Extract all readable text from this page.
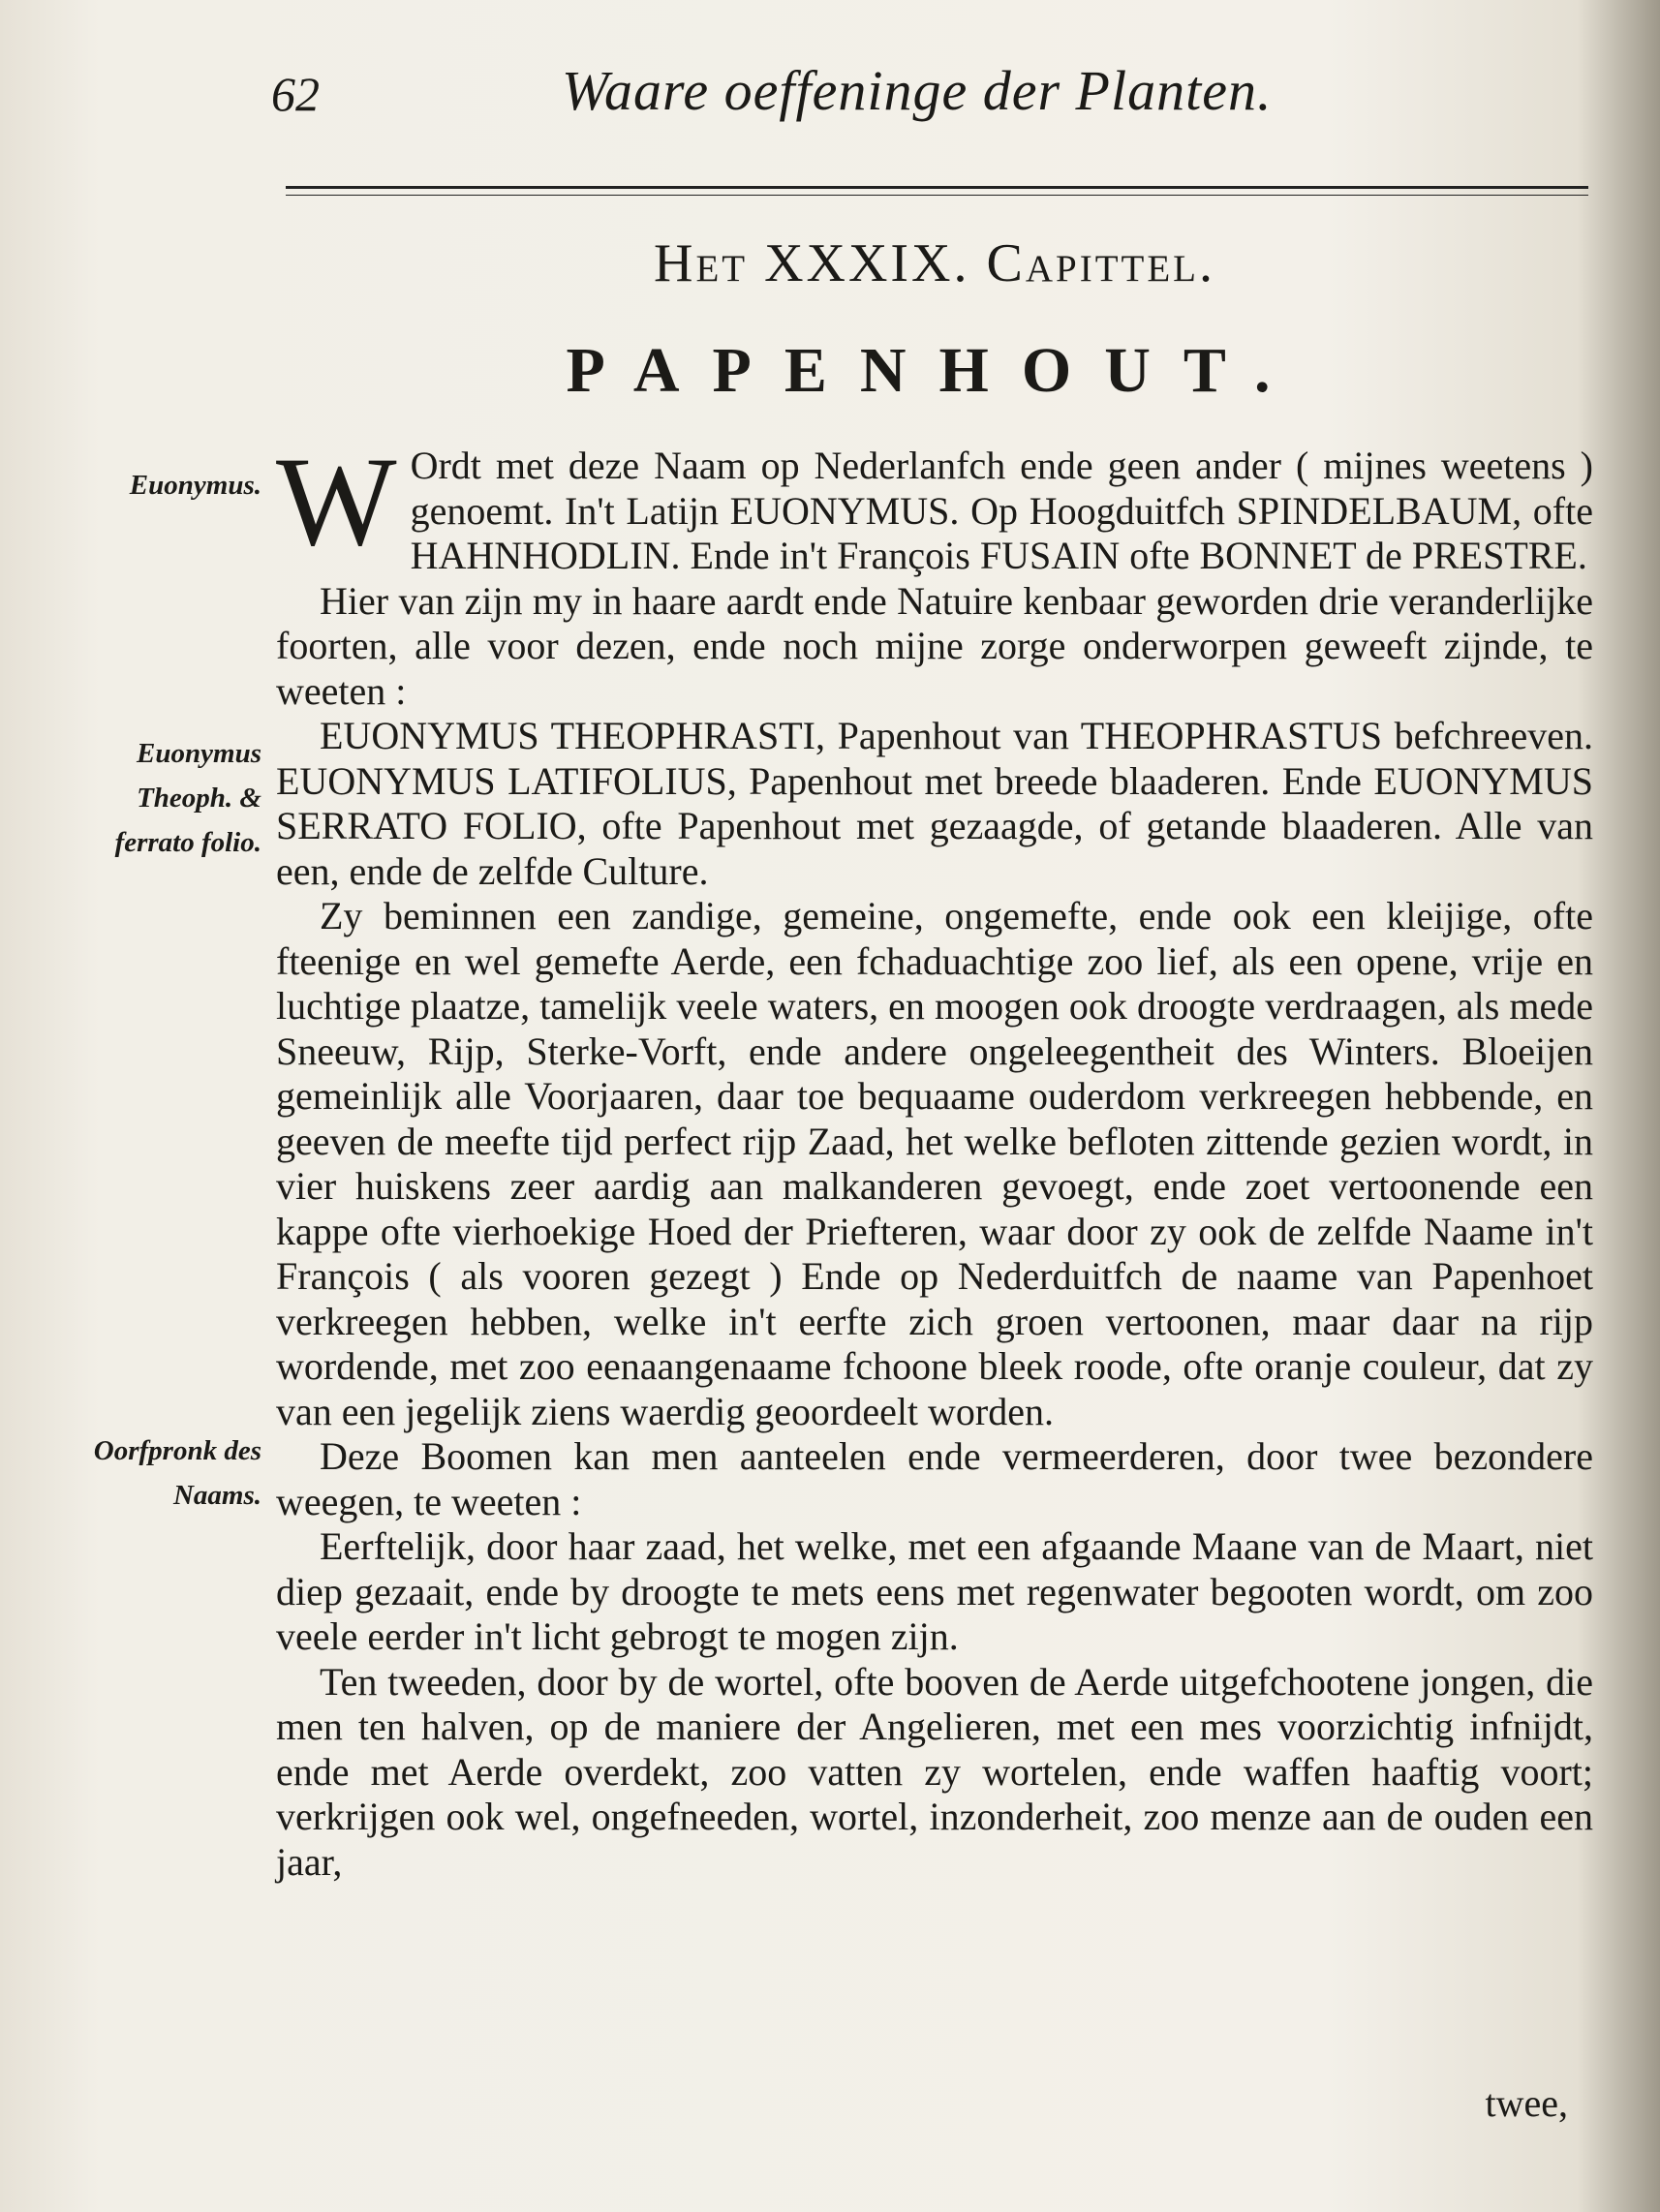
62	Waare oeffeninge der Planten.
Het XXXIX. Capittel.
PAPENHOUT.
Euonymus.
Euonymus Theoph. & ferrato folio.
Oorfpronk des Naams.

W Ordt met deze Naam op Nederlanfch ende geen ander ( mijnes weetens ) genoemt. In't Latijn EUONYMUS. Op Hoogduitfch SPINDELBAUM, ofte HAHNHODLIN. Ende in't François FUSAIN ofte BONNET de PRESTRE.

Hier van zijn my in haare aardt ende Natuire kenbaar geworden drie veranderlijke foorten, alle voor dezen, ende noch mijne zorge onderworpen geweeft zijnde, te weeten :

EUONYMUS THEOPHRASTI, Papenhout van THEOPHRASTUS befchreeven. EUONYMUS LATIFOLIUS, Papenhout met breede blaaderen. Ende EUONYMUS SERRATO FOLIO, ofte Papenhout met gezaagde, of getande blaaderen. Alle van een, ende de zelfde Culture.

Zy beminnen een zandige, gemeine, ongemefte, ende ook een kleijige, ofte fteenige en wel gemefte Aerde, een fchaduachtige zoo lief, als een opene, vrije en luchtige plaatze, tamelijk veele waters, en moogen ook droogte verdraagen, als mede Sneeuw, Rijp, Sterke-Vorft, ende andere ongeleegentheit des Winters. Bloeijen gemeinlijk alle Voorjaaren, daar toe bequaame ouderdom verkreegen hebbende, en geeven de meefte tijd perfect rijp Zaad, het welke befloten zittende gezien wordt, in vier huiskens zeer aardig aan malkanderen gevoegt, ende zoet vertoonende een kappe ofte vierhoekige Hoed der Priefteren, waar door zy ook de zelfde Naame in't François ( als vooren gezegt ) Ende op Nederduitfch de naame van Papenhoet verkreegen hebben, welke in't eerfte zich groen vertoonen, maar daar na rijp wordende, met zoo eenaangenaame fchoone bleek roode, ofte oranje couleur, dat zy van een jegelijk ziens waerdig geoordeelt worden.

Deze Boomen kan men aanteelen ende vermeerderen, door twee bezondere weegen, te weeten :

Eerftelijk, door haar zaad, het welke, met een afgaande Maane van de Maart, niet diep gezaait, ende by droogte te mets eens met regenwater begooten wordt, om zoo veele eerder in't licht gebrogt te mogen zijn.

Ten tweeden, door by de wortel, ofte booven de Aerde uitgefchootene jongen, die men ten halven, op de maniere der Angelieren, met een mes voorzichtig infnijdt, ende met Aerde overdekt, zoo vatten zy wortelen, ende waffen haaftig voort; verkrijgen ook wel, ongefneeden, wortel, inzonderheit, zoo menze aan de ouden een jaar,

twee,
